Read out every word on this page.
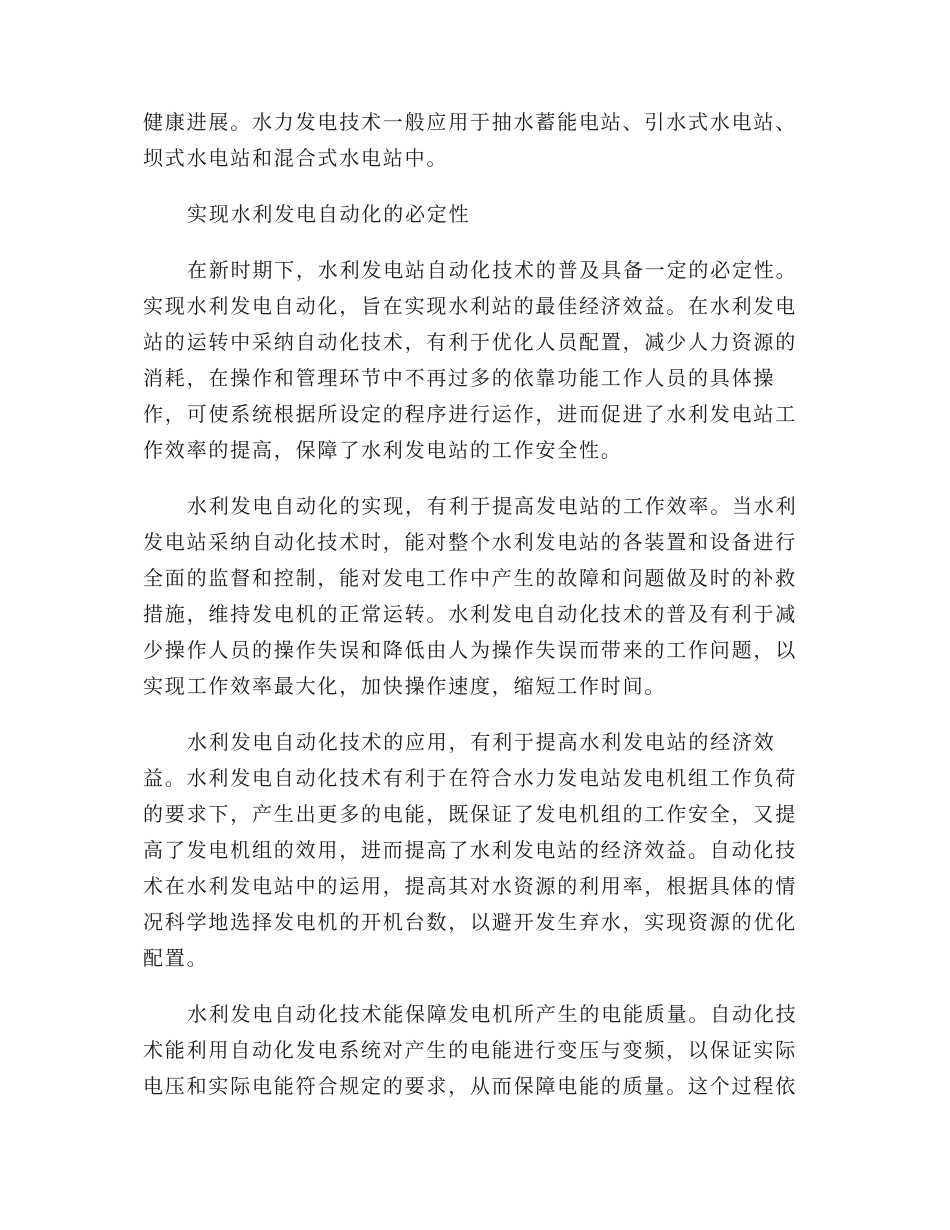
健康进展。水力发电技术一般应用于抽水蓄能电站、引水式水电站、
坝式水电站和混合式水电站中。
实现水利发电自动化的必定性
在新时期下，水利发电站自动化技术的普及具备一定的必定性。
实现水利发电自动化，旨在实现水利站的最佳经济效益。在水利发电
站的运转中采纳自动化技术，有利于优化人员配置，减少人力资源的
消耗，在操作和管理环节中不再过多的依靠功能工作人员的具体操
作，可使系统根据所设定的程序进行运作，进而促进了水利发电站工
作效率的提高，保障了水利发电站的工作安全性。
水利发电自动化的实现，有利于提高发电站的工作效率。当水利
发电站采纳自动化技术时，能对整个水利发电站的各装置和设备进行
全面的监督和控制，能对发电工作中产生的故障和问题做及时的补救
措施，维持发电机的正常运转。水利发电自动化技术的普及有利于减
少操作人员的操作失误和降低由人为操作失误而带来的工作问题，以
实现工作效率最大化，加快操作速度，缩短工作时间。
水利发电自动化技术的应用，有利于提高水利发电站的经济效
益。水利发电自动化技术有利于在符合水力发电站发电机组工作负荷
的要求下，产生出更多的电能，既保证了发电机组的工作安全，又提
高了发电机组的效用，进而提高了水利发电站的经济效益。自动化技
术在水利发电站中的运用，提高其对水资源的利用率，根据具体的情
况科学地选择发电机的开机台数，以避开发生弃水，实现资源的优化
配置。
水利发电自动化技术能保障发电机所产生的电能质量。自动化技
术能利用自动化发电系统对产生的电能进行变压与变频，以保证实际
电压和实际电能符合规定的要求，从而保障电能的质量。这个过程依
